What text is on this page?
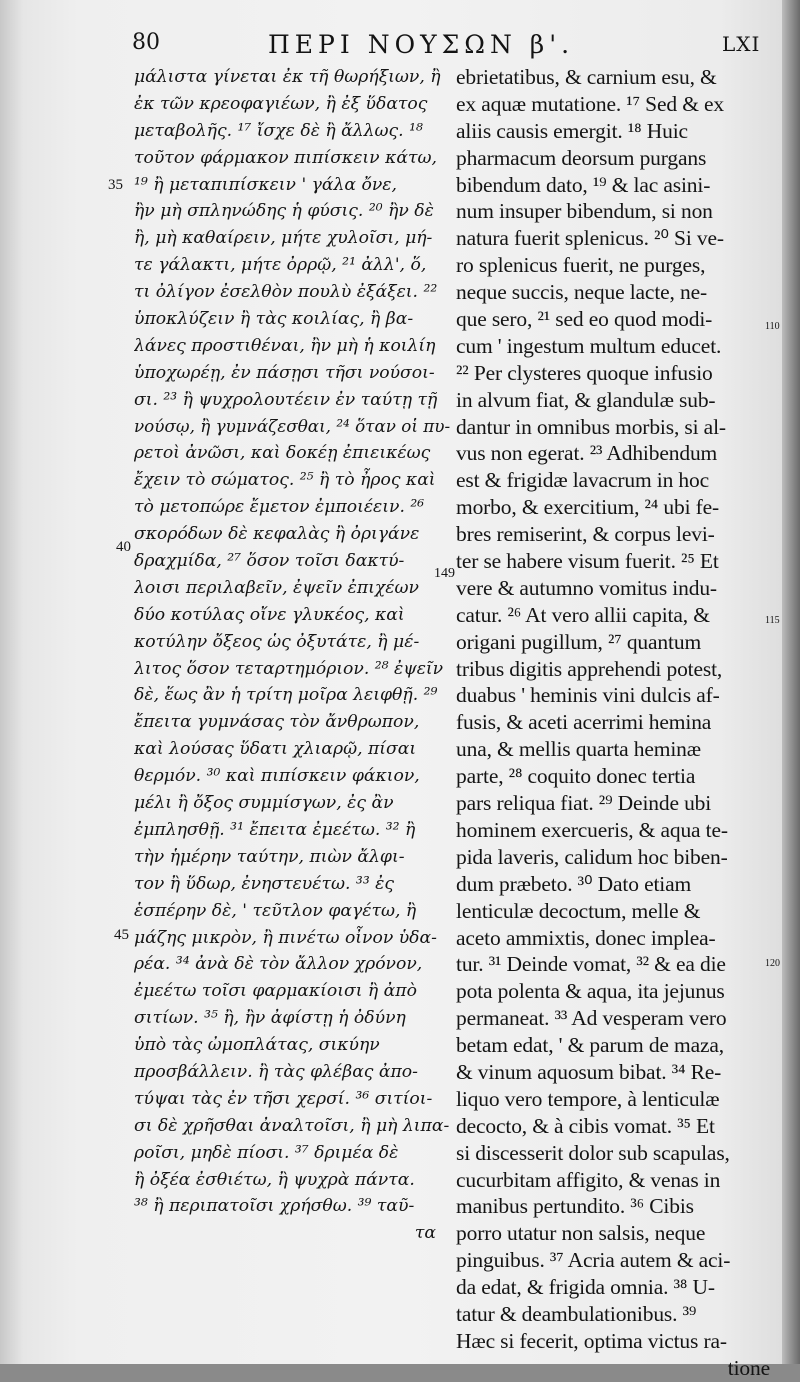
80	ΠΕΡΙ ΝΟΥΣΩΝ β'.	LXI
μάλιστα γίνεται ἐκ τῆ θωρήξιων, ἢ
ἐκ τῶν κρεοφαγιέων, ἢ ἐξ ὕδατος
μεταβολῆς. ¹⁷ ἴσχε δὲ ἢ ἄλλως. ¹⁸
τοῦτον φάρμακον πιπίσκειν κάτω,
¹⁹ ἢ μεταπιπίσκειν ' γάλα ὄνε,
ἢν μὴ σπληνώδης ἡ φύσις. ²⁰ ἢν δὲ
ἢ, μὴ καθαίρειν, μήτε χυλοῖσι, μή-
τε γάλακτι, μήτε ὀρρῷ, ²¹ ἀλλ', ὅ,
τι ὀλίγον ἐσελθὸν πουλὺ ἐξάξει. ²²
ὑποκλύζειν ἢ τὰς κοιλίας, ἢ βα-
λάνες προστιθέναι, ἢν μὴ ἡ κοιλίη
ὑποχωρέῃ, ἐν πάσῃσι τῆσι νούσοι-
σι. ²³ ἢ ψυχρολουτέειν ἐν ταύτῃ τῇ
νούσῳ, ἢ γυμνάζεσθαι, ²⁴ ὅταν οἱ πυ-
ρετοὶ ἀνῶσι, καὶ δοκέῃ ἐπιεικέως
ἔχειν τὸ σώματος. ²⁵ ἢ τὸ ἦρος καὶ
τὸ μετοπώρε ἔμετον ἐμποιέειν. ²⁶
σκορόδων δὲ κεφαλὰς ἢ ὀριγάνε
δραχμίδα, ²⁷ ὅσον τοῖσι δακτύ-
λοισι περιλαβεῖν, ἐψεῖν ἐπιχέων
δύο κοτύλας οἴνε γλυκέος, καὶ
κοτύλην ὄξεος ὡς ὀξυτάτε, ἢ μέ-
λιτος ὅσον τεταρτημόριον. ²⁸ ἐψεῖν
δὲ, ἕως ἂν ἡ τρίτη μοῖρα λειφθῇ. ²⁹
ἔπειτα γυμνάσας τὸν ἄνθρωπον,
καὶ λούσας ὕδατι χλιαρῷ, πίσαι
θερμόν. ³⁰ καὶ πιπίσκειν φάκιον,
μέλι ἢ ὄξος συμμίσγων, ἐς ἂν
ἐμπλησθῇ. ³¹ ἔπειτα ἐμεέτω. ³² ἢ
τὴν ἡμέρην ταύτην, πιὼν ἄλφι-
τον ἢ ὕδωρ, ἐνηστευέτω. ³³ ἐς
ἑσπέρην δὲ, ' τεῦτλον φαγέτω, ἢ
μάζης μικρὸν, ἢ πινέτω οἶνον ὑδα-
ρέα. ³⁴ ἀνὰ δὲ τὸν ἄλλον χρόνον,
ἐμεέτω τοῖσι φαρμακίοισι ἢ ἀπὸ
σιτίων. ³⁵ ἢ, ἢν ἀφίστῃ ἡ ὀδύνη
ὑπὸ τὰς ὠμοπλάτας, σικύην
προσβάλλειν. ἢ τὰς φλέβας ἀπο-
τύψαι τὰς ἐν τῆσι χερσί. ³⁶ σιτίοι-
σι δὲ χρῆσθαι ἀναλτοῖσι, ἢ μὴ λιπα-
ροῖσι, μηδὲ πίοσι. ³⁷ δριμέα δὲ
ἢ ὀξέα ἐσθιέτω, ἢ ψυχρὰ πάντα.
³⁸ ἢ περιπατοῖσι χρήσθω. ³⁹ ταῦ-
τα
ebrietatibus, & carnium esu, &
ex aquæ mutatione. ¹⁷ Sed & ex
aliis causis emergit. ¹⁸ Huic
pharmacum deorsum purgans
bibendum dato, ¹⁹ & lac asini-
num insuper bibendum, si non
natura fuerit splenicus. ²⁰ Si ve-
ro splenicus fuerit, ne purges,
neque succis, neque lacte, ne-
que sero, ²¹ sed eo quod modi-
cum ' ingestum multum educet.
²² Per clysteres quoque infusio
in alvum fiat, & glandulæ sub-
dantur in omnibus morbis, si al-
vus non egerat. ²³ Adhibendum
est & frigidæ lavacrum in hoc
morbo, & exercitium, ²⁴ ubi fe-
bres remiserint, & corpus levi-
ter se habere visum fuerit. ²⁵ Et
vere & autumno vomitus indu-
catur. ²⁶ At vero allii capita, &
origani pugillum, ²⁷ quantum
tribus digitis apprehendi potest,
duabus ' heminis vini dulcis af-
fusis, & aceti acerrimi hemina
una, & mellis quarta heminæ
parte, ²⁸ coquito donec tertia
pars reliqua fiat. ²⁹ Deinde ubi
hominem exercueris, & aqua te-
pida laveris, calidum hoc biben-
dum præbeto. ³⁰ Dato etiam
lenticulæ decoctum, melle &
aceto ammixtis, donec implea-
tur. ³¹ Deinde vomat, ³² & ea die
pota polenta & aqua, ita jejunus
permaneat. ³³ Ad vesperam vero
betam edat, ' & parum de maza,
& vinum aquosum bibat. ³⁴ Re-
liquo vero tempore, à lenticulæ
decocto, & à cibis vomat. ³⁵ Et
si discesserit dolor sub scapulas,
cucurbitam affigito, & venas in
manibus pertundito. ³⁶ Cibis
porro utatur non salsis, neque
pinguibus. ³⁷ Acria autem & aci-
da edat, & frigida omnia. ³⁸ U-
tatur & deambulationibus. ³⁹
Hæc si fecerit, optima victus ra-
tione
35
40
45
149
110
115
120
